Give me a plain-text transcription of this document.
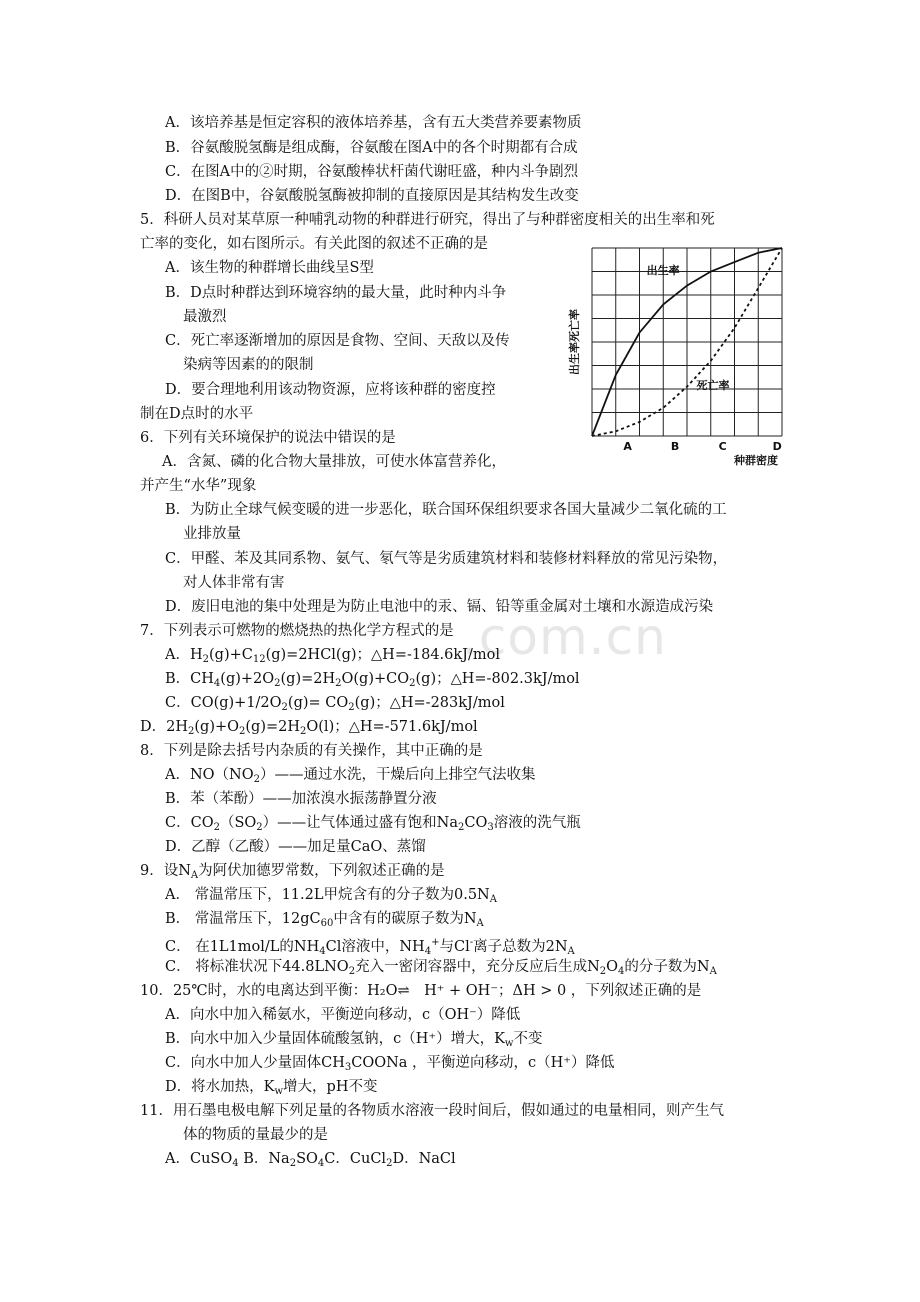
A．该培养基是恒定容积的液体培养基，含有五大类营养要素物质
B．谷氨酸脱氢酶是组成酶，谷氨酸在图A中的各个时期都有合成
C．在图A中的②时期，谷氨酸棒状杆菌代谢旺盛，种内斗争剧烈
D．在图B中，谷氨酸脱氢酶被抑制的直接原因是其结构发生改变
5．科研人员对某草原一种哺乳动物的种群进行研究，得出了与种群密度相关的出生率和死
亡率的变化，如右图所示。有关此图的叙述不正确的是
A．该生物的种群增长曲线呈S型
B．D点时种群达到环境容纳的最大量，此时种内斗争
最激烈
C．死亡率逐渐增加的原因是食物、空间、天敌以及传
染病等因素的的限制
D．要合理地利用该动物资源，应将该种群的密度控
制在D点时的水平
出生率
死亡率
A	B	C	D
种群密度
出生率死亡率
6．下列有关环境保护的说法中错误的是
A．含氮、磷的化合物大量排放，可使水体富营养化，
并产生“水华”现象
B．为防止全球气候变暖的进一步恶化，联合国环保组织要求各国大量减少二氧化硫的工
业排放量
C．甲醛、苯及其同系物、氨气、氡气等是劣质建筑材料和装修材料释放的常见污染物，
对人体非常有害
D．废旧电池的集中处理是为防止电池中的汞、镉、铅等重金属对土壤和水源造成污染
.com.cn
7．下列表示可燃物的燃烧热的热化学方程式的是
A．$H_2(g)+C_{12}(g)=2HCl(g)$；△H=-184.6kJ/mol
B．$CH_4(g)+2O_2(g)=2H_2O(g)+CO_2(g)$；△H=-802.3kJ/mol
C．$CO(g)+1/2O_2(g)= CO_2(g)$；△H=-283kJ/mol
D．$2H_2(g)+O_2(g)=2H_2O(l)$；△H=-571.6kJ/mol
8．下列是除去括号内杂质的有关操作，其中正确的是
A．$NO(NO_2)——$通过水洗，干燥后向上排空气法收集
B．苯（苯酚）——加浓溴水振荡静置分液
C．$CO_2(SO_2)——$让气体通过盛有饱和$Na_2CO_3$溶液的洗气瓶
D．乙醇（乙酸）——加足量CaO、蒸馏
9．设$N_A$为阿伏加德罗常数，下列叙述正确的是
A． 常温常压下，11.2L甲烷含有的分子数为$0.5N_A$
B． 常温常压下，$12gC_{60}$中含有的碳原子数为$N_A$
C． 在1L1mol/L的$NH_4Cl$溶液中，$NH_4^+$与Cl-离子总数为$2N_A$
C． 将标准状况下$44.8LNO_2$充入一密闭容器中，充分反应后生成$N_2O_4$的分子数为$N_A$
10．25℃时，水的电离达到平衡：H₂O⇌　H⁺ + OH⁻；ΔH > 0 ，下列叙述正确的是
A．向水中加入稀氨水，平衡逆向移动，c（OH⁻）降低
B．向水中加入少量固体硫酸氢钠，c（H⁺）增大，$K_w$不变
C．向水中加人少量固体$CH_3COONa$ ，平衡逆向移动，c（H⁺）降低
D．将水加热，$K_w$增大，pH不变
11．用石墨电极电解下列足量的各物质水溶液一段时间后，假如通过的电量相同，则产生气
体的物质的量最少的是
A．CuSO$_4$ B．$Na_2SO_4C$．CuCl$_2$D．NaCl
